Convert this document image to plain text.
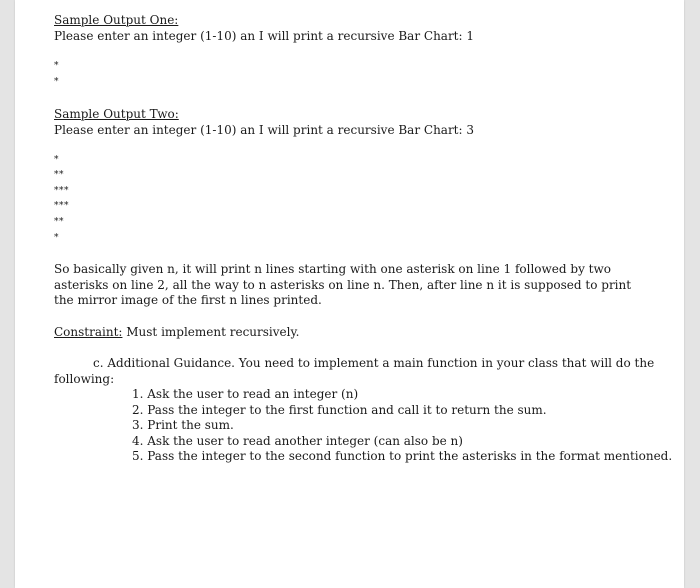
Sample Output One:
Please enter an integer (1-10) an I will print a recursive Bar Chart: 1
*
*
Sample Output Two:
Please enter an integer (1-10) an I will print a recursive Bar Chart: 3
*
**
***
***
**
*
So basically given n, it will print n lines starting with one asterisk on line 1 followed by two asterisks on line 2, all the way to n asterisks on line n. Then, after line n it is supposed to print the mirror image of the first n lines printed.
Constraint: Must implement recursively.
c. Additional Guidance. You need to implement a main function in your class that will do the
following:
1. Ask the user to read an integer (n)
2. Pass the integer to the first function and call it to return the sum.
3. Print the sum.
4. Ask the user to read another integer (can also be n)
5. Pass the integer to the second function to print the asterisks in the format mentioned.
